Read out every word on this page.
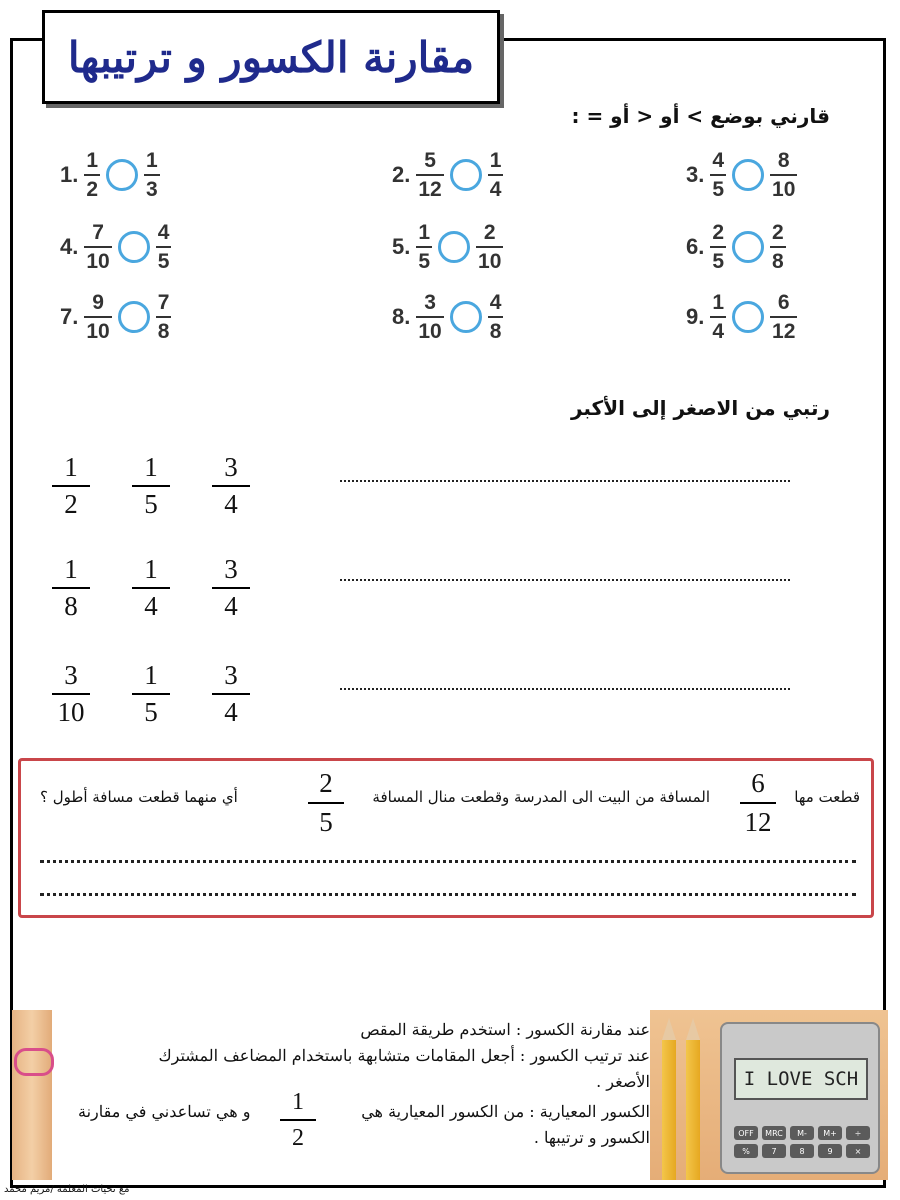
مقارنة الكسور و ترتيبها
قارني بوضع > أو < أو = :
1. $\frac{1}{2} \frac{1}{3}$	2. $\frac{5}{12} \frac{1}{4}$	3. $\frac{4}{5} \frac{8}{10}$
4. $\frac{7}{10} \frac{4}{5}$	5. $\frac{1}{5} \frac{2}{10}$	6. $\frac{2}{5} \frac{2}{8}$
7. $\frac{9}{10} \frac{7}{8}$	8. $\frac{3}{10} \frac{4}{8}$	9. $\frac{1}{4} \frac{6}{12}$
رتبي من الاصغر إلى الأكبر
$\frac{1}{2} \frac{1}{5} \frac{3}{4}$
$\frac{1}{8} \frac{1}{4} \frac{3}{4}$
$\frac{3}{10} \frac{1}{5} \frac{3}{4}$
قطعت مها
$\frac{6}{12}$
المسافة من البيت الى المدرسة وقطعت منال المسافة
$\frac{2}{5}$
أي منهما قطعت مسافة أطول ؟
I LOVE SCH
OFF	MRC	M-	M+	÷
%	7	8	9	×
عند مقارنة الكسور : استخدم طريقة المقص
عند ترتيب الكسور : أجعل المقامات متشابهة باستخدام المضاعف المشترك
الأصغر .
الكسور المعيارية : من الكسور المعيارية هي
$\frac{1}{2}$
و هي تساعدني في مقارنة
الكسور و ترتيبها .
مع تحيات المعلمة /مريم محمد
